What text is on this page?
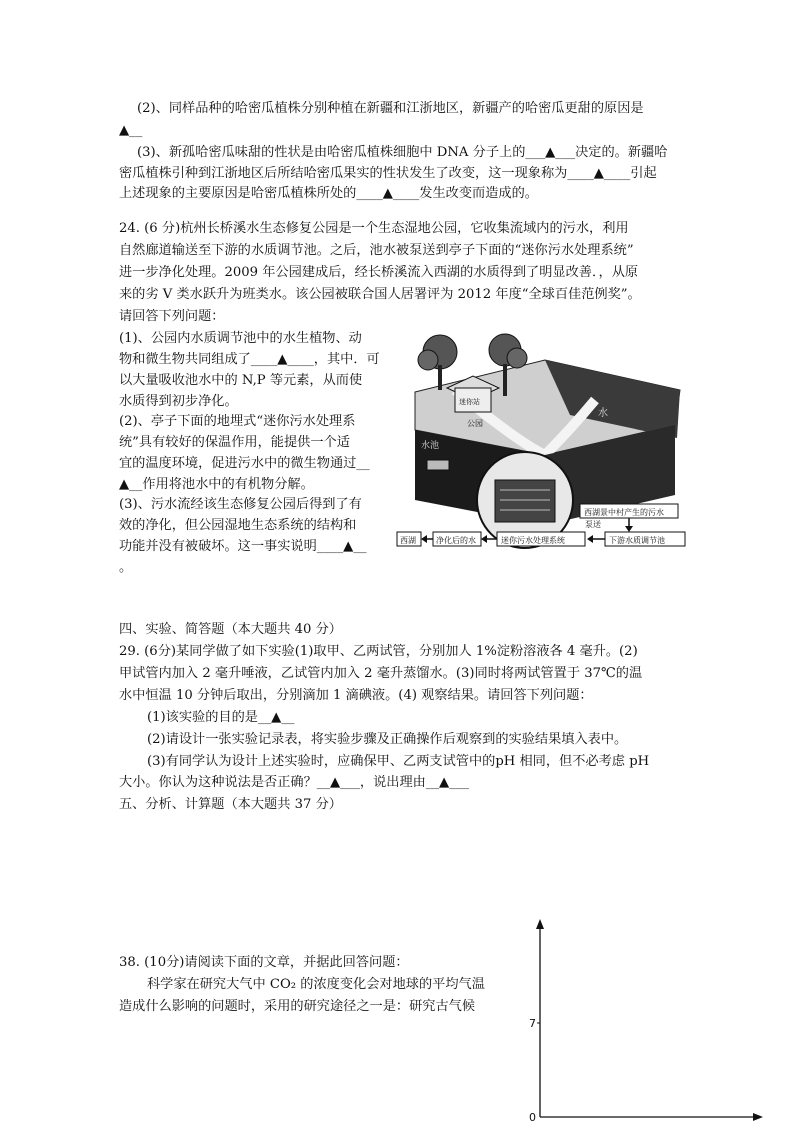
(2)、同样品种的哈密瓜植株分别种植在新疆和江浙地区，新疆产的哈密瓜更甜的原因是
▲__
(3)、新孤哈密瓜味甜的性状是由哈密瓜植株细胞中 DNA 分子上的___▲___决定的。新疆哈
密瓜植株引种到江浙地区后所结哈密瓜果实的性状发生了改变，这一现象称为____▲____引起
上述现象的主要原因是哈密瓜植株所处的____▲____发生改变而造成的。
24. (6 分)杭州长桥溪水生态修复公园是一个生态湿地公园，它收集流域内的污水，利用
自然廊道输送至下游的水质调节池。之后，池水被泵送到亭子下面的“迷你污水处理系统”
进一步净化处理。2009 年公园建成后，经长桥溪流入西湖的水质得到了明显改善．，从原
来的劣 V 类水跃升为班类水。该公园被联合国人居署评为 2012 年度“全球百佳范例奖”。
请回答下列问题：
(1)、公园内水质调节池中的水生植物、动
物和微生物共同组成了____▲____，其中．可
以大量吸收池水中的 N,P 等元素，从而使
水质得到初步净化。
(2)、亭子下面的地埋式“迷你污水处理系
统”具有较好的保温作用，能提供一个适
宜的温度环境，促进污水中的微生物通过__
▲__作用将池水中的有机物分解。
(3)、污水流经该生态修复公园后得到了有
效的净化，但公园湿地生态系统的结构和
功能并没有被破坏。这一事实说明____▲__
。
迷你站
公园
水
水池
西湖景中村产生的污水
泵送
下游水质调节池
迷你污水处理系统
净化后的水
西湖
四、实验、简答题（本大题共 40 分）
29. (6分)某同学做了如下实验(1)取甲、乙两试管，分别加人 1%淀粉溶液各 4 毫升。(2)
甲试管内加入 2 毫升唾液，乙试管内加入 2 毫升蒸馏水。(3)同时将两试管置于 37℃的温
水中恒温 10 分钟后取出，分别滴加 1 滴碘液。(4) 观察结果。请回答下列问题：
(1)该实验的目的是__▲__
(2)请设计一张实验记录表，将实验步骤及正确操作后观察到的实验结果填入表中。
(3)有同学认为设计上述实验时，应确保甲、乙两支试管中的pH 相同，但不必考虑 pH
大小。你认为这种说法是否正确？__▲___，说出理由__▲___
五、分析、计算题（本大题共 37 分）
38. (10分)请阅读下面的文章，并据此回答问题：
科学家在研究大气中 CO₂ 的浓度变化会对地球的平均气温
造成什么影响的问题时，采用的研究途径之一是：研究古气候
7
0
